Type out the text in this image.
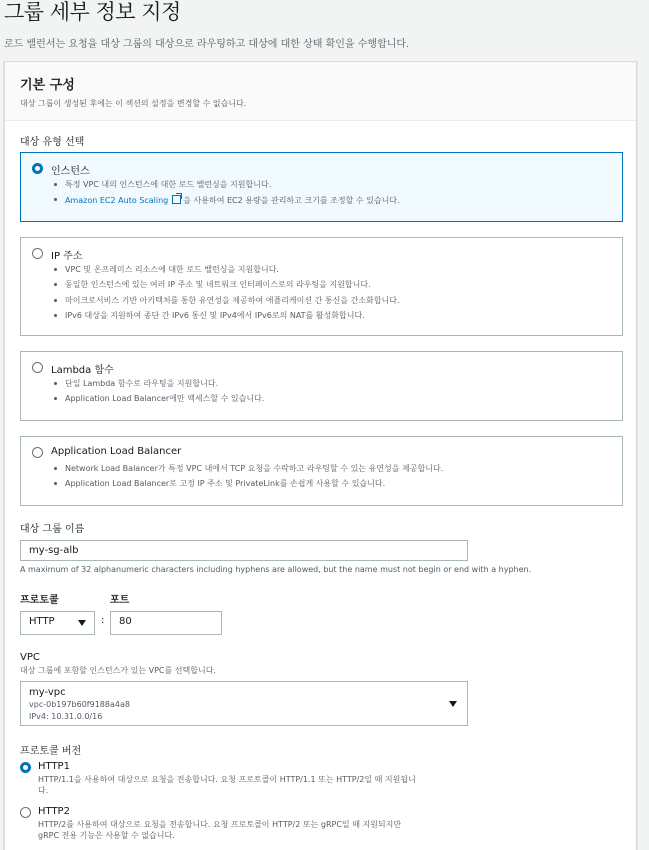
그룹 세부 정보 지정
로드 밸런서는 요청을 대상 그룹의 대상으로 라우팅하고 대상에 대한 상태 확인을 수행합니다.
기본 구성
대상 그룹이 생성된 후에는 이 섹션의 설정을 변경할 수 없습니다.
대상 유형 선택
인스턴스
특정 VPC 내의 인스턴스에 대한 로드 밸런싱을 지원합니다.
Amazon EC2 Auto Scaling 을 사용하여 EC2 용량을 관리하고 크기를 조정할 수 있습니다.
IP 주소
VPC 및 온프레미스 리소스에 대한 로드 밸런싱을 지원합니다.
동일한 인스턴스에 있는 여러 IP 주소 및 네트워크 인터페이스로의 라우팅을 지원합니다.
마이크로서비스 기반 아키텍처를 통한 유연성을 제공하여 애플리케이션 간 통신을 간소화합니다.
IPv6 대상을 지원하여 종단 간 IPv6 통신 및 IPv4에서 IPv6로의 NAT를 활성화합니다.
Lambda 함수
단일 Lambda 함수로 라우팅을 지원합니다.
Application Load Balancer에만 액세스할 수 있습니다.
Application Load Balancer
Network Load Balancer가 특정 VPC 내에서 TCP 요청을 수락하고 라우팅할 수 있는 유연성을 제공합니다.
Application Load Balancer로 고정 IP 주소 및 PrivateLink를 손쉽게 사용할 수 있습니다.
대상 그룹 이름
my-sg-alb
A maximum of 32 alphanumeric characters including hyphens are allowed, but the name must not begin or end with a hyphen.
프로토콜	포트
HTTP	:	80
VPC
대상 그룹에 포함할 인스턴스가 있는 VPC를 선택합니다.
my-vpc
vpc-0b197b60f9188a4a8
IPv4: 10.31.0.0/16
프로토콜 버전
HTTP1
HTTP/1.1을 사용하여 대상으로 요청을 전송합니다. 요청 프로토콜이 HTTP/1.1 또는 HTTP/2일 때 지원됩니
다.
HTTP2
HTTP/2를 사용하여 대상으로 요청을 전송합니다. 요청 프로토콜이 HTTP/2 또는 gRPC일 때 지원되지만
gRPC 전용 기능은 사용할 수 없습니다.
